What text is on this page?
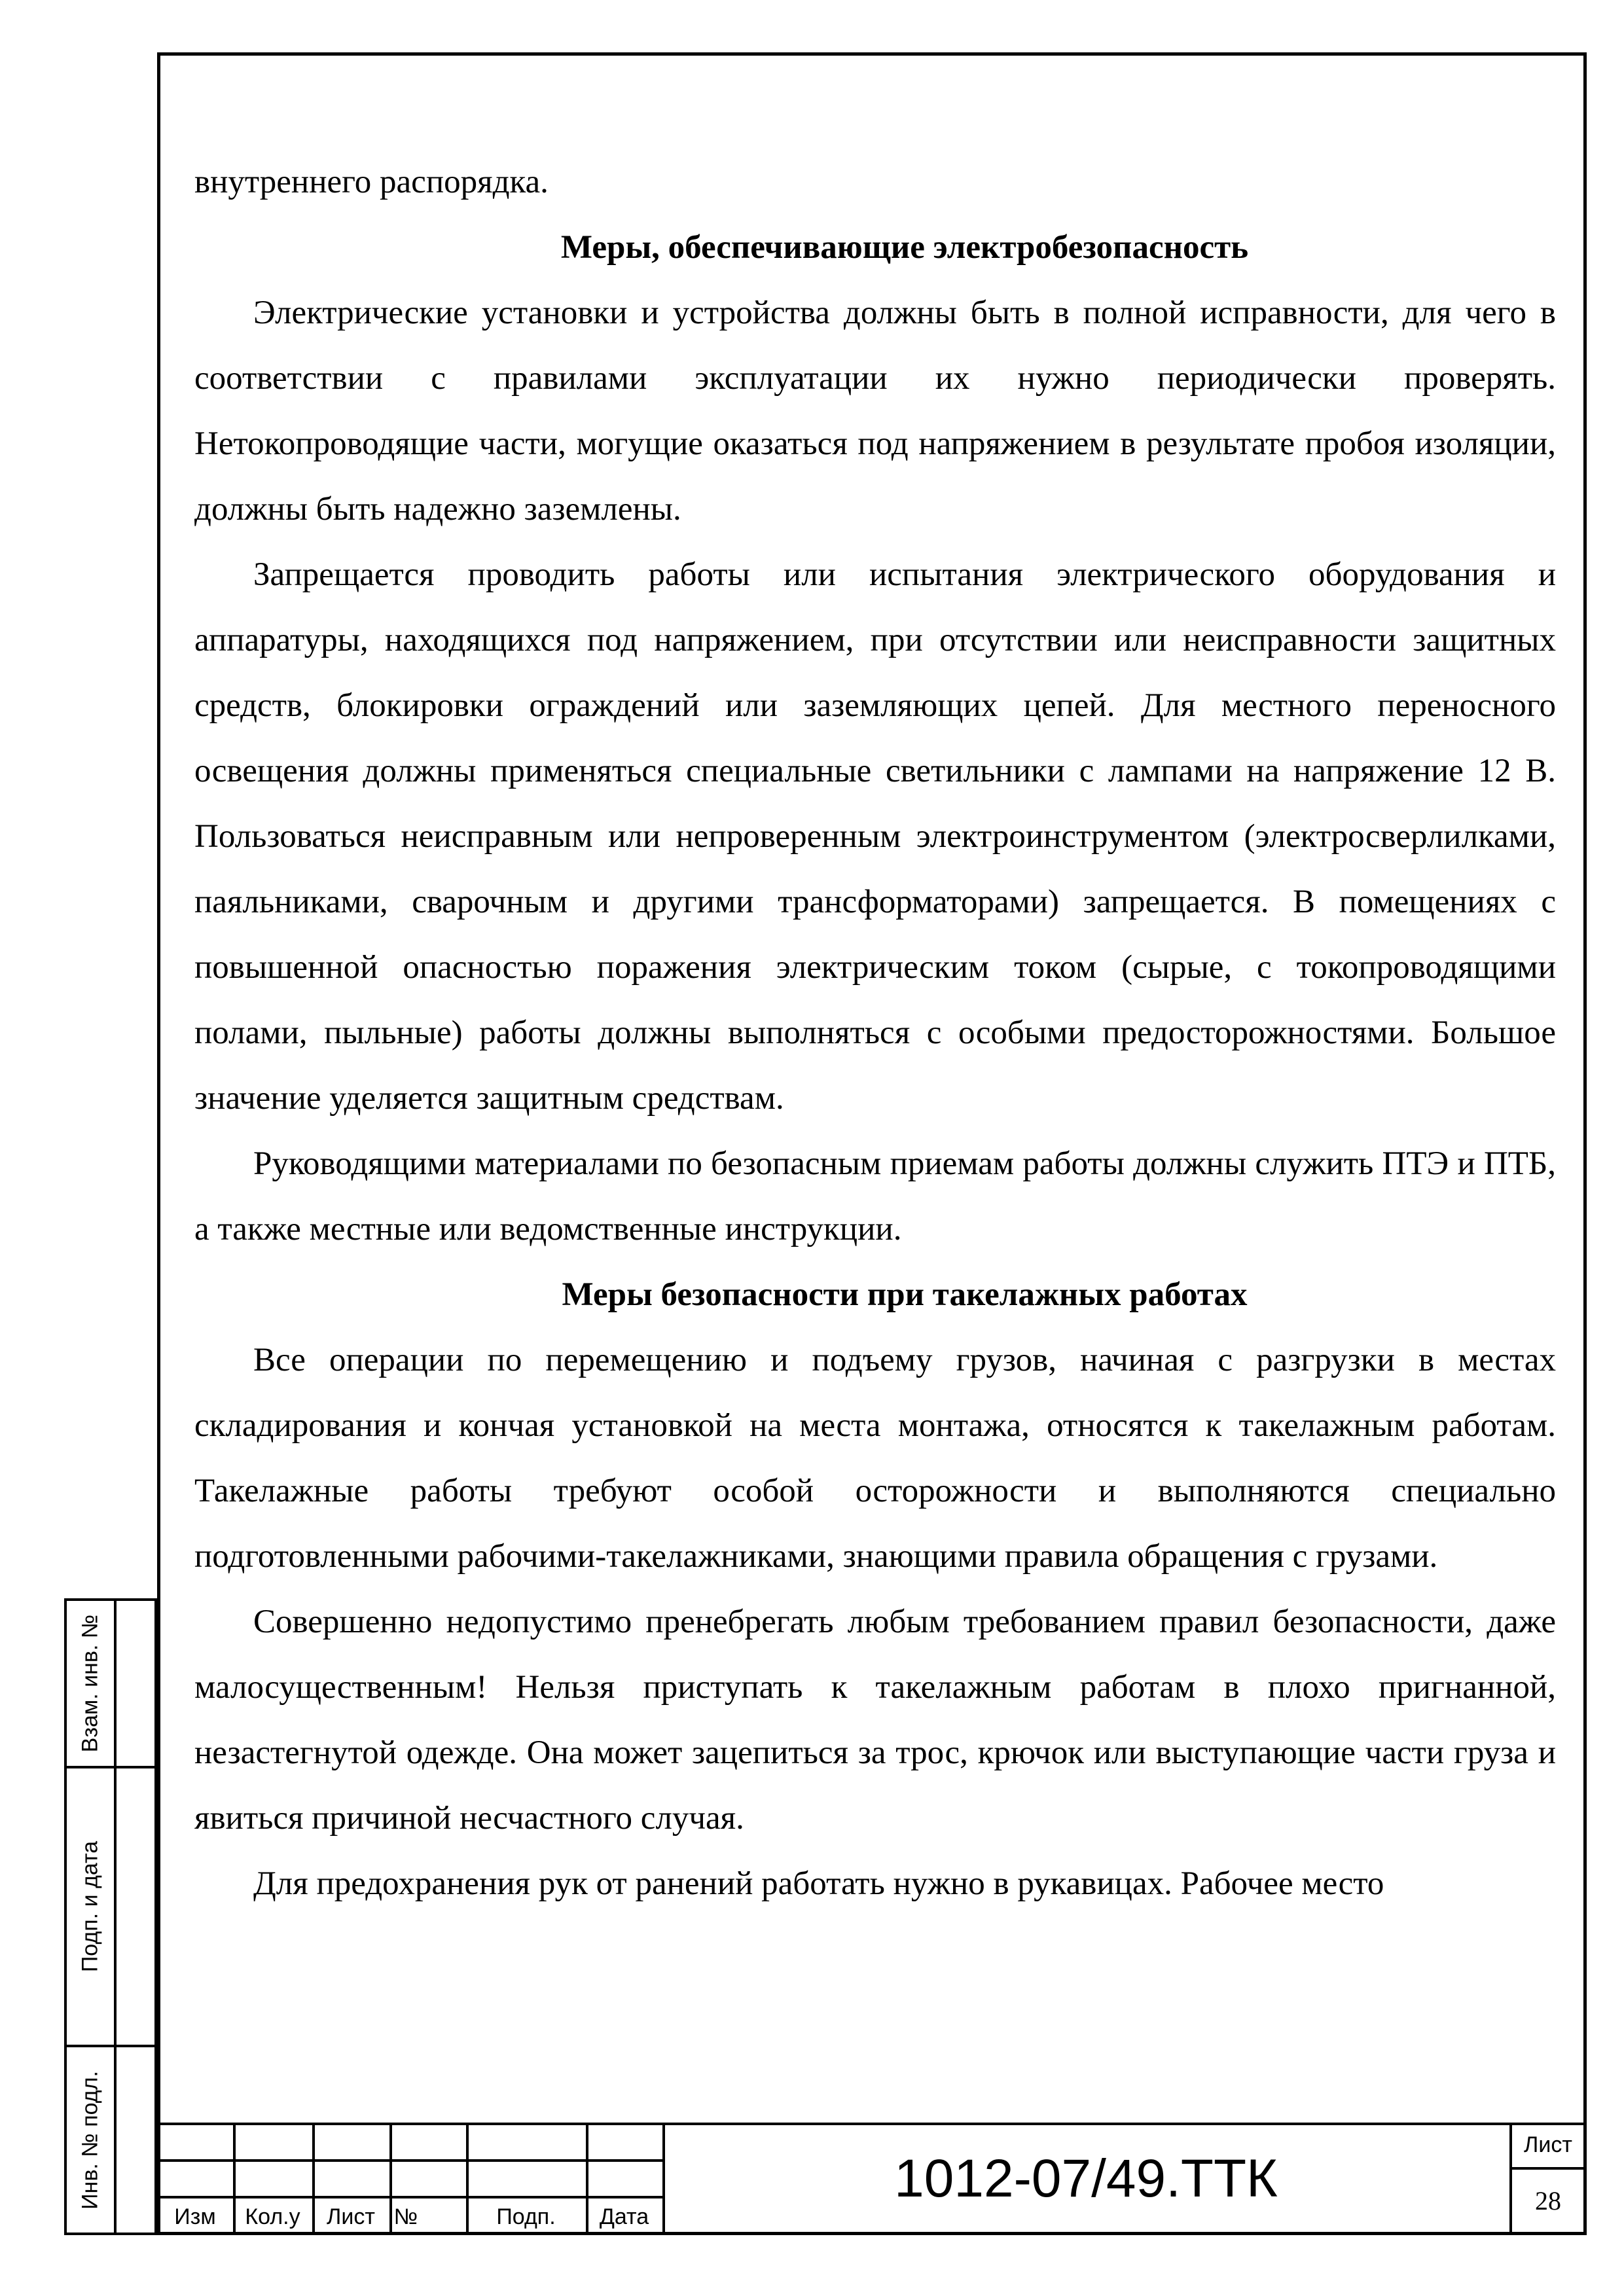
внутреннего распорядка.

Меры, обеспечивающие электробезопасность

Электрические установки и устройства должны быть в полной исправности, для чего в соответствии с правилами эксплуатации их нужно периодически проверять. Нетокопроводящие части, могущие оказаться под напряжением в результате пробоя изоляции, должны быть надежно заземлены.

Запрещается проводить работы или испытания электрического оборудования и аппаратуры, находящихся под напряжением, при отсутствии или неисправности защитных средств, блокировки ограждений или заземляющих цепей. Для местного переносного освещения должны применяться специальные светильники с лампами на напряжение 12 В. Пользоваться неисправным или непроверенным электроинструментом (электросверлилками, паяльниками, сварочным и другими трансформаторами) запрещается. В помещениях с повышенной опасностью поражения электрическим током (сырые, с токопроводящими полами, пыльные) работы должны выполняться с особыми предосторожностями. Большое значение уделяется защитным средствам.

Руководящими материалами по безопасным приемам работы должны служить ПТЭ и ПТБ, а также местные или ведомственные инструкции.

Меры безопасности при такелажных работах

Все операции по перемещению и подъему грузов, начиная с разгрузки в местах складирования и кончая установкой на места монтажа, относятся к такелажным работам. Такелажные работы требуют особой осторожности и выполняются специально подготовленными рабочими-такелажниками, знающими правила обращения с грузами.

Совершенно недопустимо пренебрегать любым требованием правил безопасности, даже малосущественным! Нельзя приступать к такелажным работам в плохо пригнанной, незастегнутой одежде. Она может зацепиться за трос, крючок или выступающие части груза и явиться причиной несчастного случая.

Для предохранения рук от ранений работать нужно в рукавицах. Рабочее место

Взам. инв. №
Подп. и дата
Инв. № подл.
Изм	Кол.у	Лист №	Подп.	Дата
1012-07/49.ТТК
Лист
28
